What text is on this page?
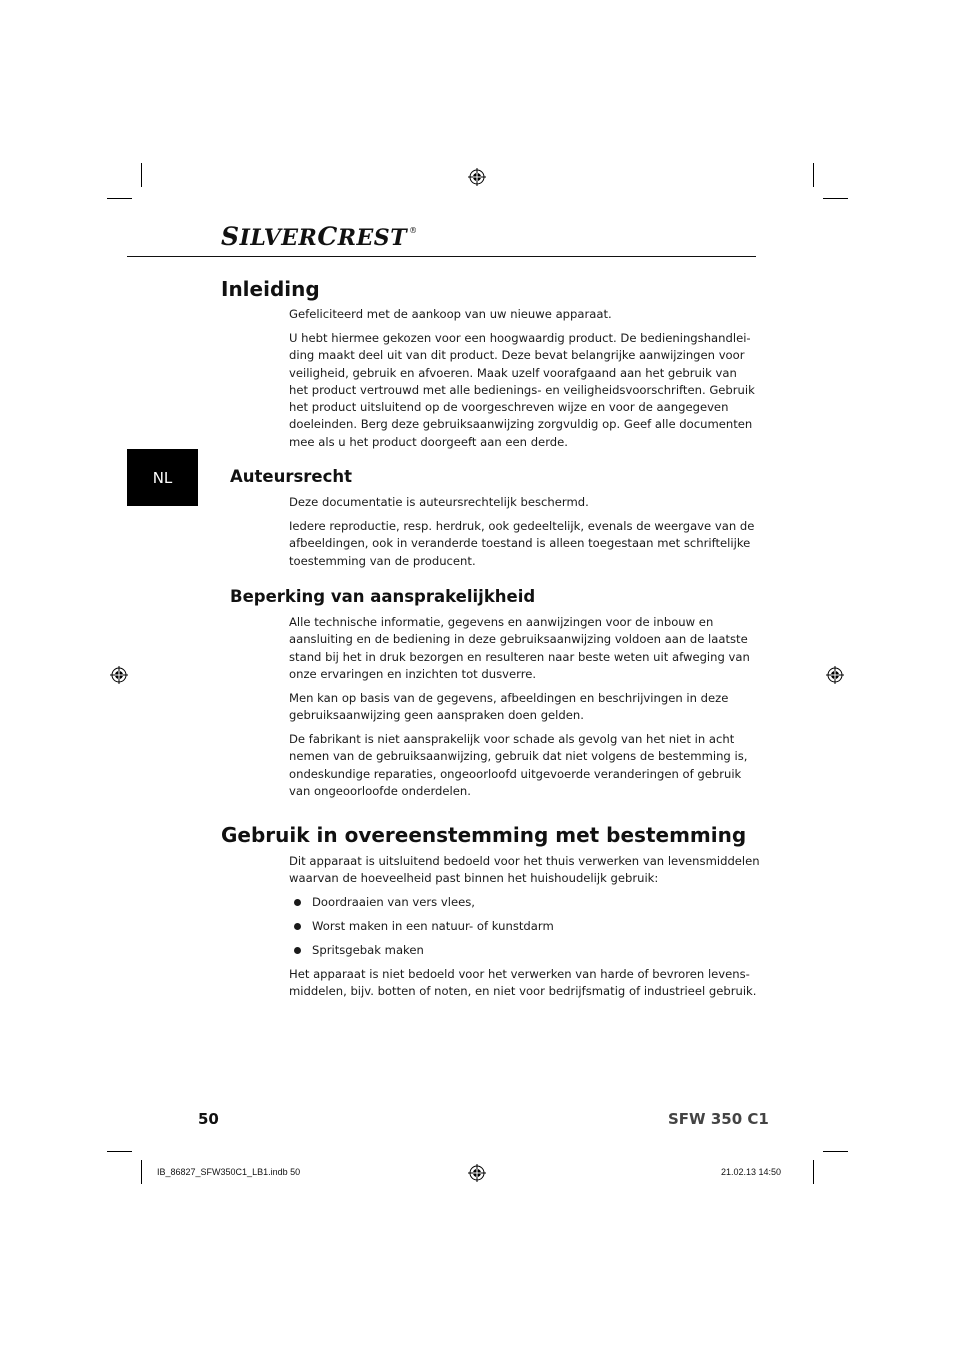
SILVERCREST ®
NL
Inleiding
Gefeliciteerd met de aankoop van uw nieuwe apparaat.
U hebt hiermee gekozen voor een hoogwaardig product. De bedieningshandlei-
ding maakt deel uit van dit product. Deze bevat belangrijke aanwijzingen voor
veiligheid, gebruik en afvoeren. Maak uzelf voorafgaand aan het gebruik van
het product vertrouwd met alle bedienings- en veiligheidsvoorschriften. Gebruik
het product uitsluitend op de voorgeschreven wijze en voor de aangegeven
doeleinden. Berg deze gebruiksaanwijzing zorgvuldig op. Geef alle documenten
mee als u het product doorgeeft aan een derde.
Auteursrecht
Deze documentatie is auteursrechtelijk beschermd.
Iedere reproductie, resp. herdruk, ook gedeeltelijk, evenals de weergave van de
afbeeldingen, ook in veranderde toestand is alleen toegestaan met schriftelijke
toestemming van de producent.
Beperking van aansprakelijkheid
Alle technische informatie, gegevens en aanwijzingen voor de inbouw en
aansluiting en de bediening in deze gebruiksaanwijzing voldoen aan de laatste
stand bij het in druk bezorgen en resulteren naar beste weten uit afweging van
onze ervaringen en inzichten tot dusverre.
Men kan op basis van de gegevens, afbeeldingen en beschrijvingen in deze
gebruiksaanwijzing geen aanspraken doen gelden.
De fabrikant is niet aansprakelijk voor schade als gevolg van het niet in acht
nemen van de gebruiksaanwijzing, gebruik dat niet volgens de bestemming is,
ondeskundige reparaties, ongeoorloofd uitgevoerde veranderingen of gebruik
van ongeoorloofde onderdelen.
Gebruik in overeenstemming met bestemming
Dit apparaat is uitsluitend bedoeld voor het thuis verwerken van levensmiddelen
waarvan de hoeveelheid past binnen het huishoudelijk gebruik:
Doordraaien van vers vlees,
Worst maken in een natuur- of kunstdarm
Spritsgebak maken
Het apparaat is niet bedoeld voor het verwerken van harde of bevroren levens-
middelen, bijv. botten of noten, en niet voor bedrijfsmatig of industrieel gebruik.
50	SFW 350 C1
IB_86827_SFW350C1_LB1.indb 50	21.02.13 14:50
